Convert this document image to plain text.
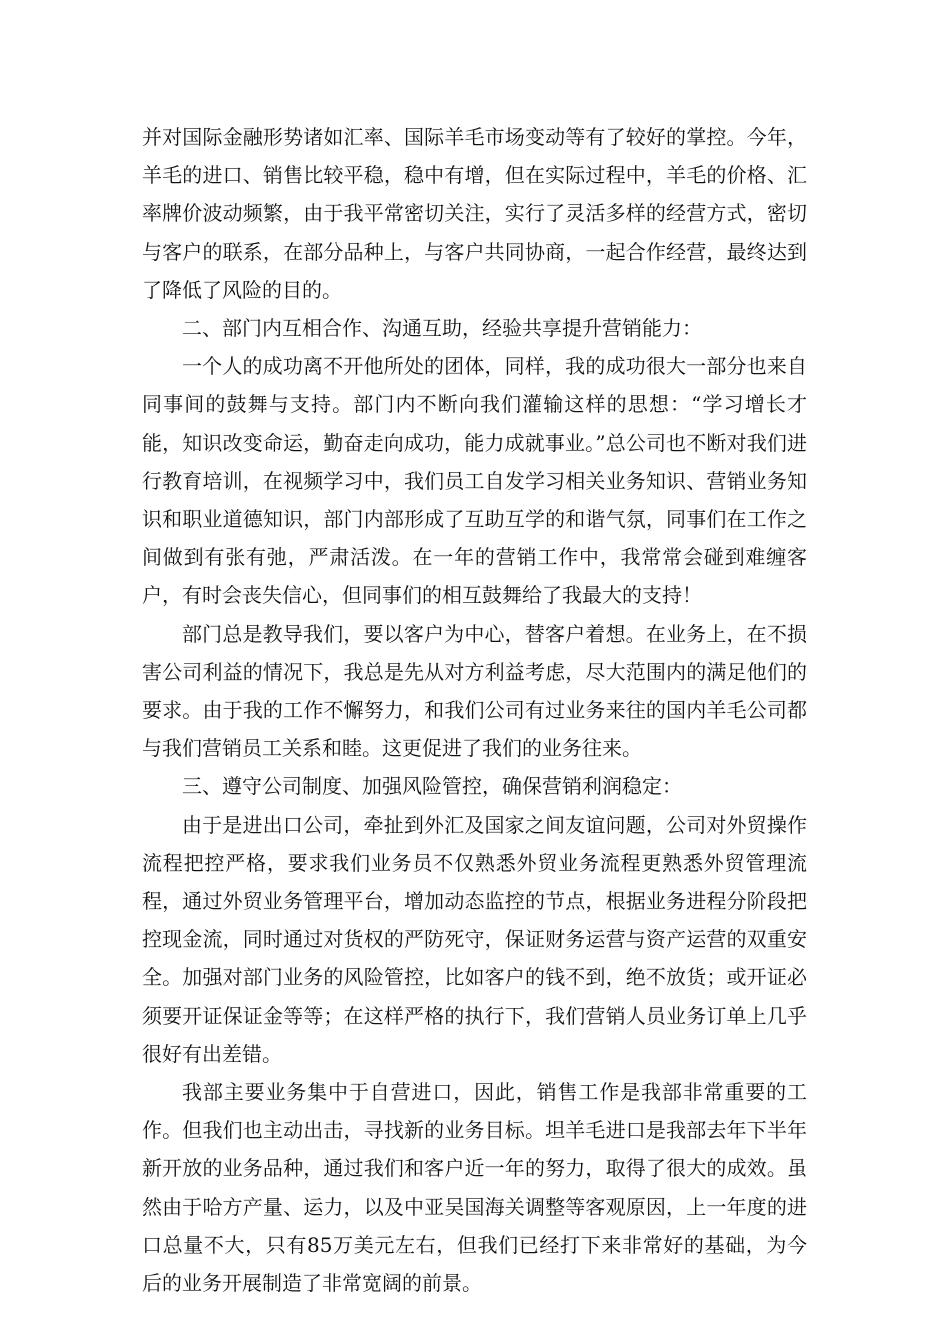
并对国际金融形势诸如汇率、国际羊毛市场变动等有了较好的掌控。今年，羊毛的进口、销售比较平稳，稳中有增，但在实际过程中，羊毛的价格、汇率牌价波动频繁，由于我平常密切关注，实行了灵活多样的经营方式，密切与客户的联系，在部分品种上，与客户共同协商，一起合作经营，最终达到了降低了风险的目的。

二、部门内互相合作、沟通互助，经验共享提升营销能力：

一个人的成功离不开他所处的团体，同样，我的成功很大一部分也来自同事间的鼓舞与支持。部门内不断向我们灌输这样的思想：“学习增长才能，知识改变命运，勤奋走向成功，能力成就事业。”总公司也不断对我们进行教育培训，在视频学习中，我们员工自发学习相关业务知识、营销业务知识和职业道德知识，部门内部形成了互助互学的和谐气氛，同事们在工作之间做到有张有弛，严肃活泼。在一年的营销工作中，我常常会碰到难缠客户，有时会丧失信心，但同事们的相互鼓舞给了我最大的支持！

部门总是教导我们，要以客户为中心，替客户着想。在业务上，在不损害公司利益的情况下，我总是先从对方利益考虑，尽大范围内的满足他们的要求。由于我的工作不懈努力，和我们公司有过业务来往的国内羊毛公司都与我们营销员工关系和睦。这更促进了我们的业务往来。

三、遵守公司制度、加强风险管控，确保营销利润稳定：

由于是进出口公司，牵扯到外汇及国家之间友谊问题，公司对外贸操作流程把控严格，要求我们业务员不仅熟悉外贸业务流程更熟悉外贸管理流程，通过外贸业务管理平台，增加动态监控的节点，根据业务进程分阶段把控现金流，同时通过对货权的严防死守，保证财务运营与资产运营的双重安全。加强对部门业务的风险管控，比如客户的钱不到，绝不放货；或开证必须要开证保证金等等；在这样严格的执行下，我们营销人员业务订单上几乎很好有出差错。

我部主要业务集中于自营进口，因此，销售工作是我部非常重要的工作。但我们也主动出击，寻找新的业务目标。坦羊毛进口是我部去年下半年新开放的业务品种，通过我们和客户近一年的努力，取得了很大的成效。虽然由于哈方产量、运力，以及中亚吴国海关调整等客观原因，上一年度的进口总量不大，只有85万美元左右，但我们已经打下来非常好的基础，为今后的业务开展制造了非常宽阔的前景。
